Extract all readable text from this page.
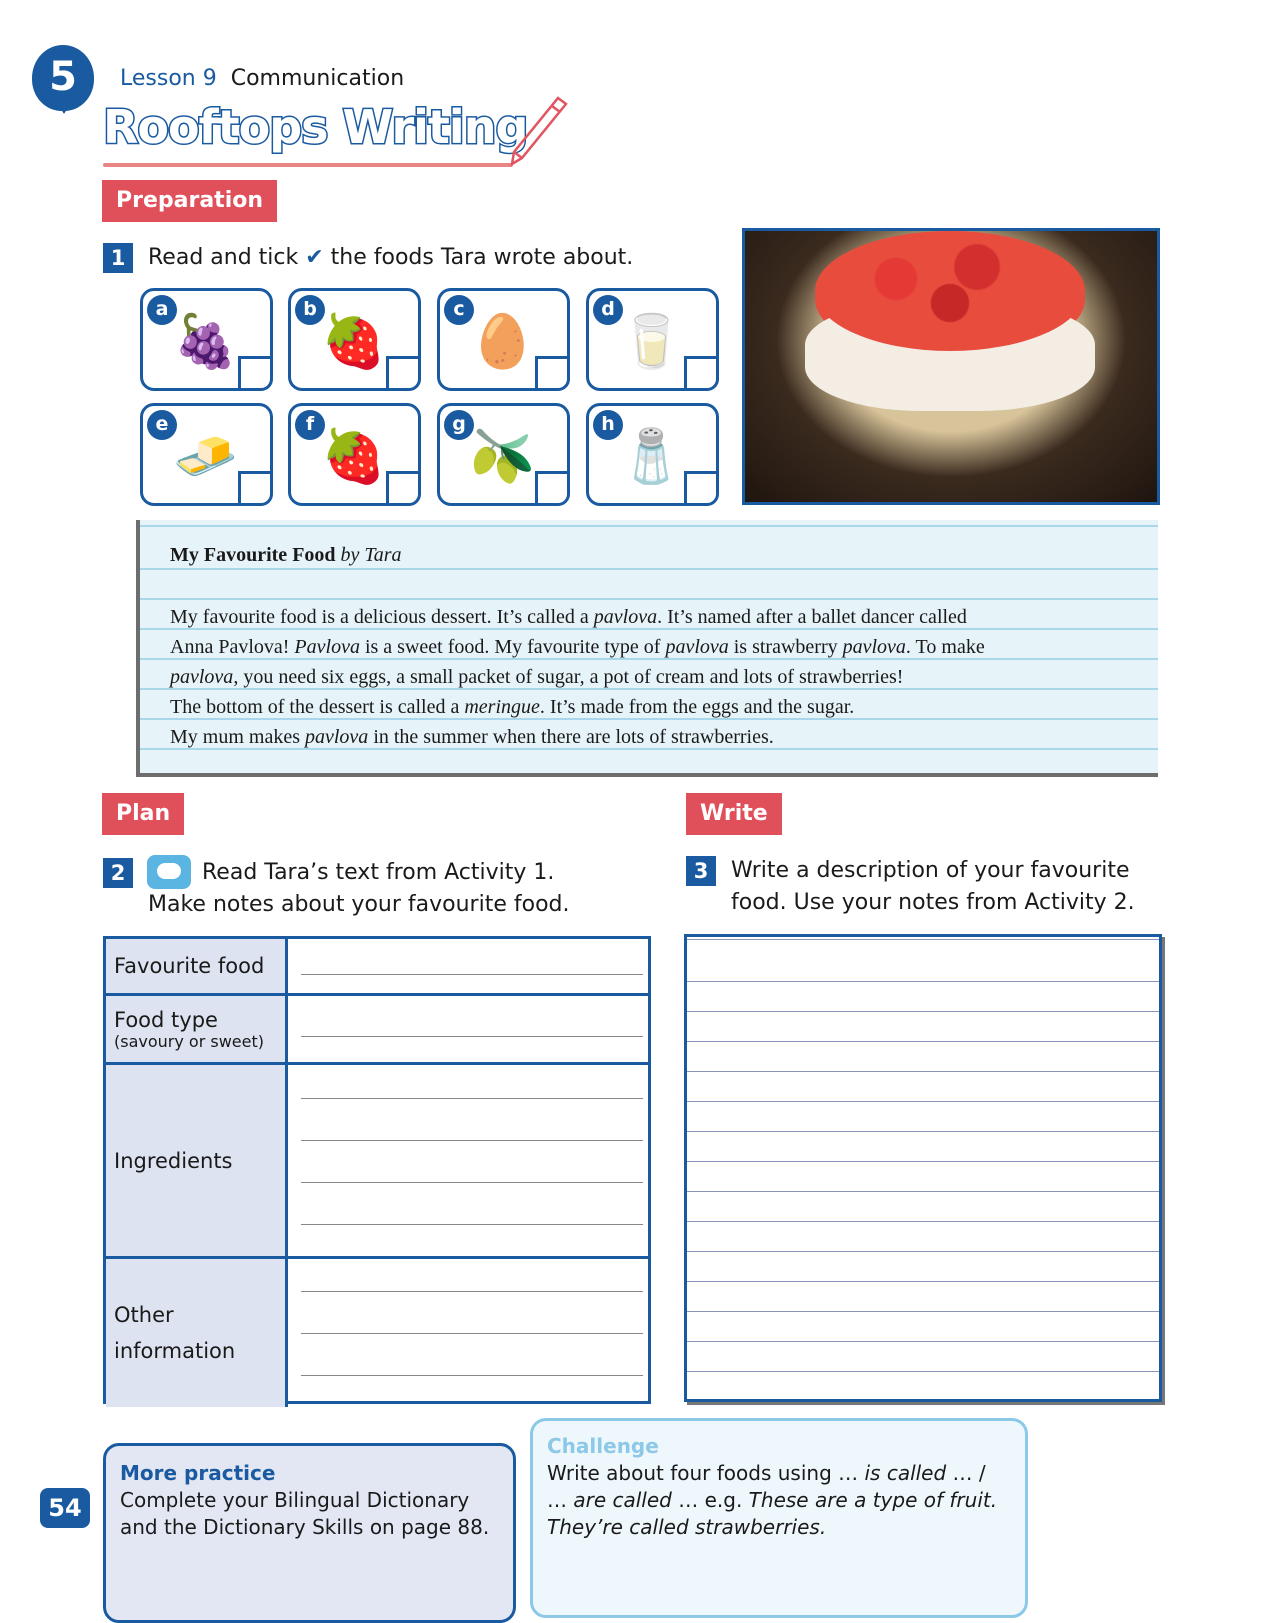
5	Lesson 9 Communication
Rooftops Writing
Preparation
1	Read and tick ✔ the foods Tara wrote about.
🍇
a
🍓
b
🥚
c
🥛
d
🧈
e
🍓
f
🫒
g
🧂
h
My Favourite Food by Tara
My favourite food is a delicious dessert. It’s called a pavlova. It’s named after a ballet dancer called
Anna Pavlova! Pavlova is a sweet food. My favourite type of pavlova is strawberry pavlova. To make
pavlova, you need six eggs, a small packet of sugar, a pot of cream and lots of strawberries!
The bottom of the dessert is called a meringue. It’s made from the eggs and the sugar.
My mum makes pavlova in the summer when there are lots of strawberries.
Plan	Write
2	Read Tara’s text from Activity 1.
Make notes about your favourite food.
3	Write a description of your favourite
food. Use your notes from Activity 2.
Favourite food
Food type
(savoury or sweet)
Ingredients
Other information
54
More practice
Complete your Bilingual Dictionary and the Dictionary Skills on page 88.
Challenge
Write about four foods using … is called … / … are called … e.g. These are a type of fruit. They’re called strawberries.
